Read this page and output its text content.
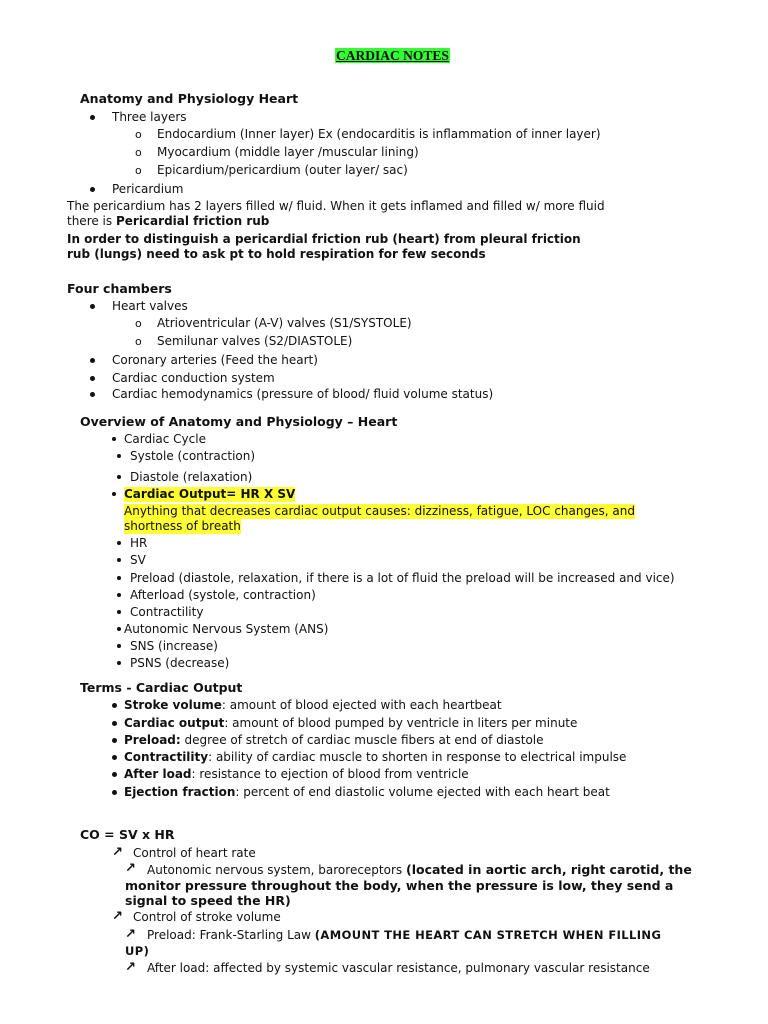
CARDIAC NOTES
Anatomy and Physiology Heart
Three layers
o Endocardium (Inner layer) Ex (endocarditis is inflammation of inner layer)
o Myocardium (middle layer /muscular lining)
o Epicardium/pericardium (outer layer/ sac)
Pericardium
The pericardium has 2 layers filled w/ fluid. When it gets inflamed and filled w/ more fluid
there is Pericardial friction rub
In order to distinguish a pericardial friction rub (heart) from pleural friction
rub (lungs) need to ask pt to hold respiration for few seconds
Four chambers
Heart valves
o Atrioventricular (A-V) valves (S1/SYSTOLE)
o Semilunar valves (S2/DIASTOLE)
Coronary arteries (Feed the heart)
Cardiac conduction system
Cardiac hemodynamics (pressure of blood/ fluid volume status)
Overview of Anatomy and Physiology – Heart
Cardiac Cycle
Systole (contraction)
Diastole (relaxation)
Cardiac Output= HR X SV
Anything that decreases cardiac output causes: dizziness, fatigue, LOC changes, and
shortness of breath
HR
SV
Preload (diastole, relaxation, if there is a lot of fluid the preload will be increased and vice)
Afterload (systole, contraction)
Contractility
Autonomic Nervous System (ANS)
SNS (increase)
PSNS (decrease)
Terms - Cardiac Output
Stroke volume: amount of blood ejected with each heartbeat
Cardiac output: amount of blood pumped by ventricle in liters per minute
Preload: degree of stretch of cardiac muscle fibers at end of diastole
Contractility: ability of cardiac muscle to shorten in response to electrical impulse
After load: resistance to ejection of blood from ventricle
Ejection fraction: percent of end diastolic volume ejected with each heart beat
CO = SV x HR
↗ Control of heart rate
↗ Autonomic nervous system, baroreceptors (located in aortic arch, right carotid, the
monitor pressure throughout the body, when the pressure is low, they send a
signal to speed the HR)
↗ Control of stroke volume
↗ Preload: Frank-Starling Law (AMOUNT THE HEART CAN STRETCH WHEN FILLING
UP)
↗ After load: affected by systemic vascular resistance, pulmonary vascular resistance
